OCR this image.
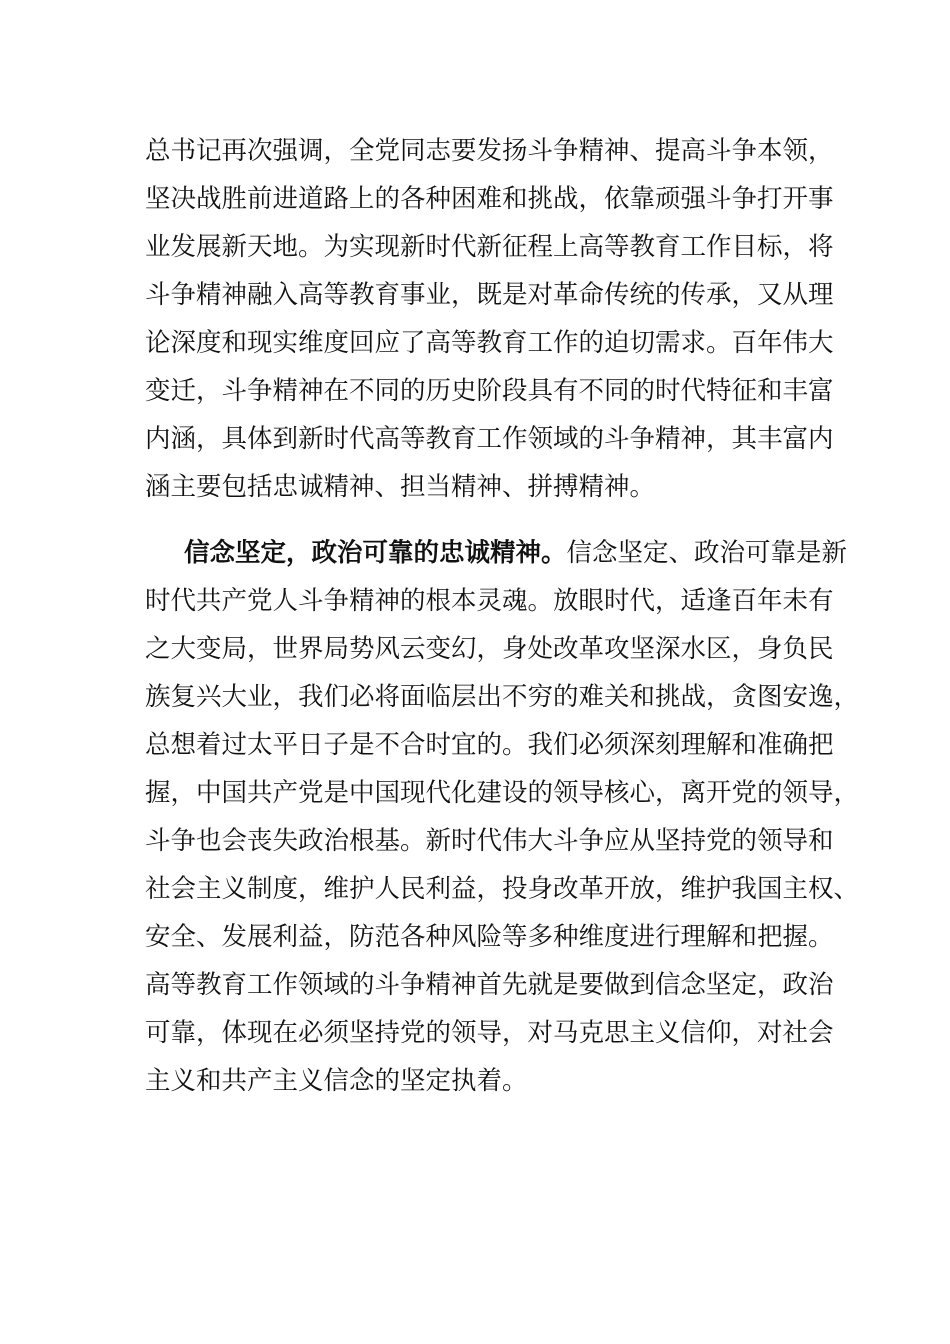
总书记再次强调，全党同志要发扬斗争精神、提高斗争本领，
坚决战胜前进道路上的各种困难和挑战，依靠顽强斗争打开事
业发展新天地。为实现新时代新征程上高等教育工作目标，将
斗争精神融入高等教育事业，既是对革命传统的传承，又从理
论深度和现实维度回应了高等教育工作的迫切需求。百年伟大
变迁，斗争精神在不同的历史阶段具有不同的时代特征和丰富
内涵，具体到新时代高等教育工作领域的斗争精神，其丰富内
涵主要包括忠诚精神、担当精神、拼搏精神。
信念坚定，政治可靠的忠诚精神。信念坚定、政治可靠是新
时代共产党人斗争精神的根本灵魂。放眼时代，适逢百年未有
之大变局，世界局势风云变幻，身处改革攻坚深水区，身负民
族复兴大业，我们必将面临层出不穷的难关和挑战，贪图安逸，
总想着过太平日子是不合时宜的。我们必须深刻理解和准确把
握，中国共产党是中国现代化建设的领导核心，离开党的领导，
斗争也会丧失政治根基。新时代伟大斗争应从坚持党的领导和
社会主义制度，维护人民利益，投身改革开放，维护我国主权、
安全、发展利益，防范各种风险等多种维度进行理解和把握。
高等教育工作领域的斗争精神首先就是要做到信念坚定，政治
可靠，体现在必须坚持党的领导，对马克思主义信仰，对社会
主义和共产主义信念的坚定执着。
